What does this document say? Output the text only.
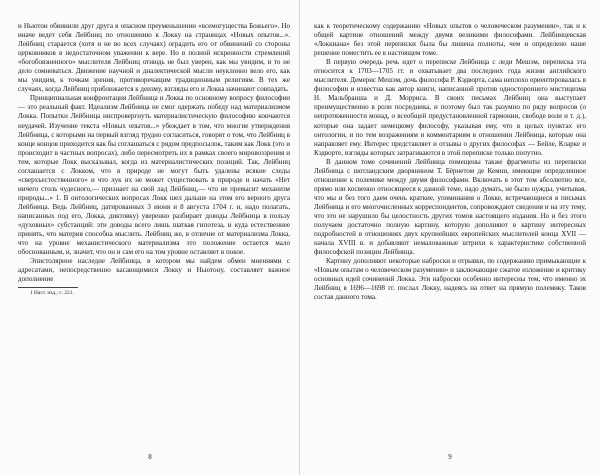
и Ньютон обвинили друг друга в опасном преуменьшении «всемогущества Божьего». Но иначе ведет себя Лейбниц по отношению к Локку на страницах «Новых опытов...». Лейбниц старается (хотя и не во всех случаях) оградить его от обвинений со стороны церковников в недостаточном уважении к вере. Но в полной искренности стремлений «богобоязненного» мыслителя Лейбниц отнюдь не был уверен, как мы увидим, и то не дело сомневаться. Движение научной и диалектической мысли неуклонно вело его, как мы увидим, к точкам зрения, противоречащим традиционным религиям. В тех же случаях, когда Лейбниц приближается к деизму, взгляды его и Локка начинают совпадать.

Принципиальная конфронтация Лейбница и Локка по основному вопросу философии — это реальный факт. Идеализм Лейбница не смог одержать победу над материализмом Локка. Попытки Лейбница ниспровергнуть материалистическую философию кончаются неудачей. Изучение текста «Новых опытов...» убеждает в том, что многие утверждения Лейбница, с которыми на первый взгляд трудно согласиться, говорят о том, что Лейбниц в конце концов приходится как бы соглашаться с рядом предпосылок, таким как Локк (это и происходит в частных вопросах), либо пересмотреть их в рамках своего мировоззрения и тем, которые Локк высказывал, когда из материалистических позиций. Так, Лейбниц соглашается с Локком, что в природе не могут быть удалены всякие следы «сверхъестественного» и что лук их не может существовать в природе и начать «Нет ничего столь чудесного,— признает на свой лад Лейбниц,— что не превысит механизм природы...» 1. В онтологических вопросах Локк шел дальше на этом его верного друга Лейбница. Ведь Лейбниц, датированных 3 июня и 8 августа 1704 г. и, надо полагать, написанных под его, Локка, диктовку) уверенно разбирает доводы Лейбница в пользу «духовных» субстанций: эти доводы всего лишь шаткая гипотеза, и куда естественнее принять, что материя способна мыслить. Лейбниц же, в отличие от материализма Локка, что на уровне механистического материализма это положение остается мало обоснованным, и, значит, что он и сам его на том уровне оставляет в покое.

Эпистолярное наследие Лейбница, в котором мы найдем обмен мнениями с адресатами, непосредственно касающимися Локку и Ньютону, составляет важное дополнение

1 Наст. изд.; с. 221.
8

как к теоретическому содержанию «Новых опытов о человеческом разумении», так и к общей картине отношений между двумя великими философами. Лейбницевская «Локкиана» без этой переписки была бы лишена полноты, чем и определено наше решение поместить ее в настоящем томе.

В первую очередь речь идет о переписке Лейбница с леди Мешэм, переписка эта относится к 1703—1705 гг. и охватывает два последних года жизни английского мыслителя. Демерис Мешэм, дочь философа Р. Кэдворта, сама неплохо ориентировалась в философии и известна как автор книги, написанной против одностороннего мистицизма Н. Мальбранша и Д. Морриса. В своих письмах Лейбниц она выступает преимущественно в роли посредника, и поэтому был так разумно по ряду вопросов (о непротяженности монад, о всеобщей предустановленной гармонии, свободе воли и т. д.), которые она задает немецкому философу, указывая ему, что в целых пунктах его онтологии, и по тем возражениям и комментариям в отношении Лейбница, которые она направляет ему. Интерес представляет и отзывы о других философах — Бейле, Кларке и Кэдворте, взгляды которых затрагиваются в этой переписке только попутно.

В данном томе сочинений Лейбница помещены также фрагменты из переписки Лейбница с шотландским дворянином Т. Бёрнетом де Кемни, имеющие определенное отношение к полемике между двумя философами. Включать в этот том абсолютно все, прямо или косвенно относящееся к данной теме, надо думать, не было нужды, учитывая, что мы и без того даем очень краткие, упоминания о Локке, встречающиеся в письмах Лейбница и его многочисленных корреспондентов, сопровождают сведения и на эту тему, что это не нарушило бы целостность других томов настоящего издания. Но и без этого получаем достаточно полную картину, которую дополняют в картину интересных подробностей в отношениях двух крупнейших европейских мыслителей конца XVII — начала XVIII в. и добавляют немаловажные штрихи к характеристике собственной философской позиции Лейбница.

Картину дополняют некоторые наброски и отрывки, по содержанию примыкающие к «Новым опытам о человеческом разумении» и заключающие сжатое изложение и критику основных идей сочинений Локка. Эти наброски особенно интересны тем, что именно эх Лейбниц в 1696—1698 гг. послал Локку, надеясь на ответ на прямую полемику. Таков состав данного тома.

9
